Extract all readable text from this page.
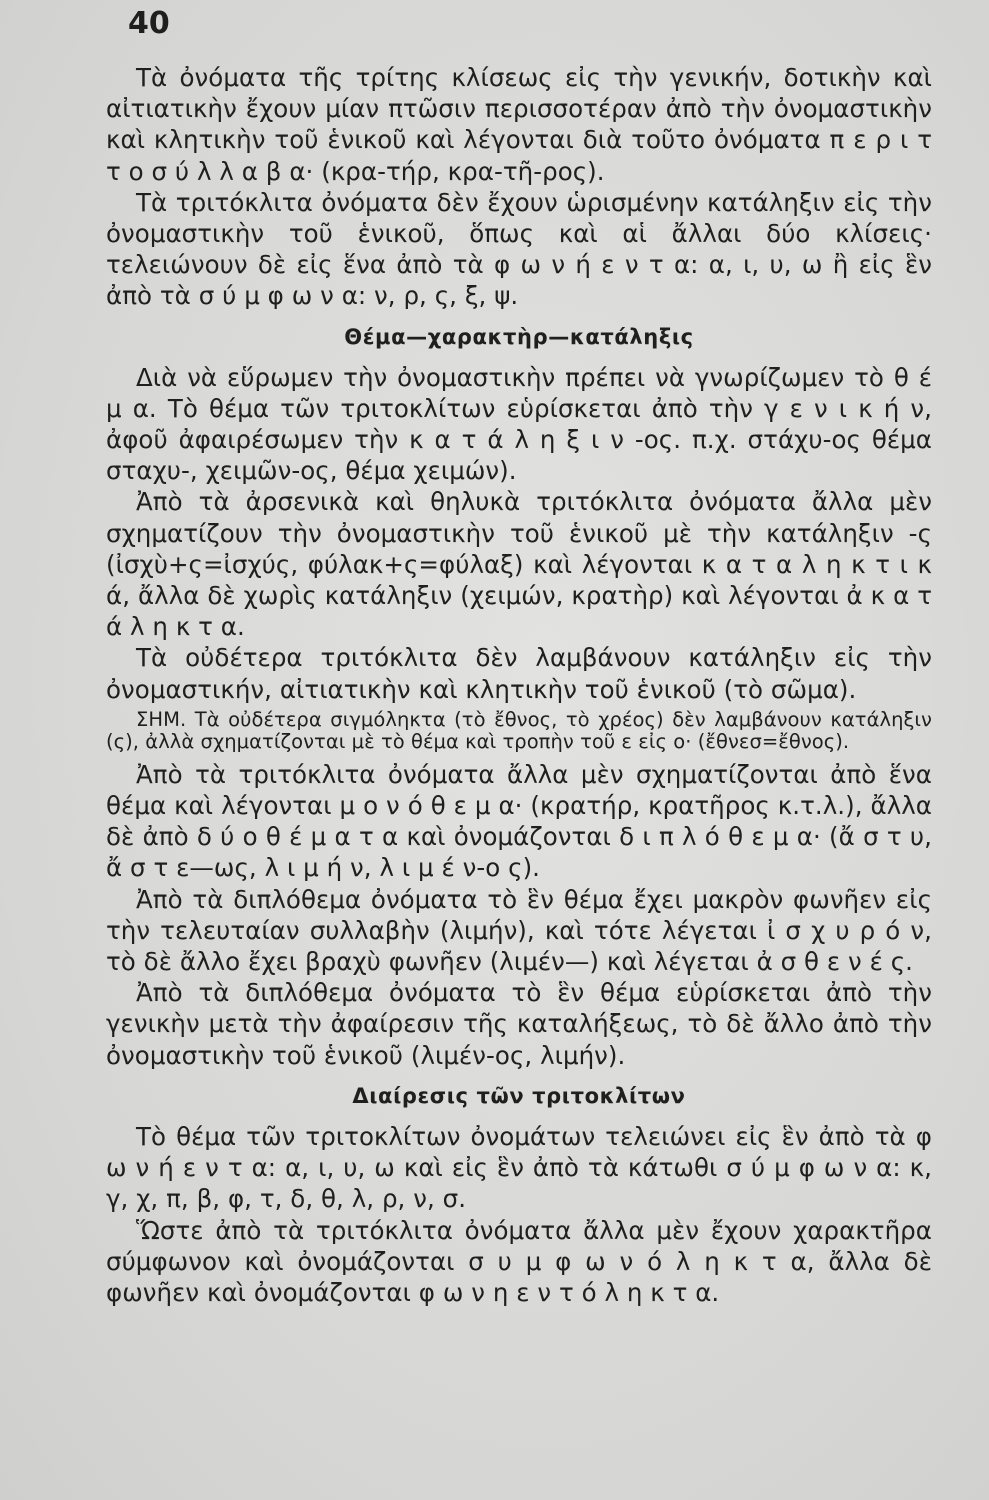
40

Τὰ ὀνόματα τῆς τρίτης κλίσεως εἰς τὴν γενικήν, δοτικὴν καὶ αἰτιατικὴν ἔχουν μίαν πτῶσιν περισσοτέραν ἀπὸ τὴν ὀνομαστικὴν καὶ κλητικὴν τοῦ ἑνικοῦ καὶ λέγονται διὰ τοῦτο ὀνόματα π ε ρ ι τ τ ο σ ύ λ λ α β α· (κρα-τήρ, κρα-τῆ-ρος).

Τὰ τριτόκλιτα ὀνόματα δὲν ἔχουν ὡρισμένην κατάληξιν εἰς τὴν ὀνομαστικὴν τοῦ ἑνικοῦ, ὅπως καὶ αἱ ἄλλαι δύο κλίσεις· τελειώνουν δὲ εἰς ἕνα ἀπὸ τὰ φ ω ν ή ε ν τ α: α, ι, υ, ω ἢ εἰς ἓν ἀπὸ τὰ σ ύ μ φ ω ν α: ν, ρ, ς, ξ, ψ.

Θέμα—χαρακτὴρ—κατάληξις

Διὰ νὰ εὕρωμεν τὴν ὀνομαστικὴν πρέπει νὰ γνωρίζωμεν τὸ θ έ μ α. Τὸ θέμα τῶν τριτοκλίτων εὑρίσκεται ἀπὸ τὴν γ ε ν ι κ ή ν, ἀφοῦ ἀφαιρέσωμεν τὴν κ α τ ά λ η ξ ι ν -ος. π.χ. στάχυ-ος θέμα σταχυ-, χειμῶν-ος, θέμα χειμών).

Ἀπὸ τὰ ἀρσενικὰ καὶ θηλυκὰ τριτόκλιτα ὀνόματα ἄλλα μὲν σχηματίζουν τὴν ὀνομαστικὴν τοῦ ἑνικοῦ μὲ τὴν κατάληξιν -ς (ἰσχὺ+ς=ἰσχύς, φύλακ+ς=φύλαξ) καὶ λέγονται κ α τ α λ η κ τ ι κ ά, ἄλλα δὲ χωρὶς κατάληξιν (χειμών, κρατὴρ) καὶ λέγονται ἀ κ α τ ά λ η κ τ α.

Τὰ οὐδέτερα τριτόκλιτα δὲν λαμβάνουν κατάληξιν εἰς τὴν ὀνομαστικήν, αἰτιατικὴν καὶ κλητικὴν τοῦ ἑνικοῦ (τὸ σῶμα).

ΣΗΜ. Τὰ οὐδέτερα σιγμόληκτα (τὸ ἔθνος, τὸ χρέος) δὲν λαμβάνουν κατάληξιν (ς), ἀλλὰ σχηματίζονται μὲ τὸ θέμα καὶ τροπὴν τοῦ ε εἰς ο· (ἔθνεσ=ἔθνος).

Ἀπὸ τὰ τριτόκλιτα ὀνόματα ἄλλα μὲν σχηματίζονται ἀπὸ ἕνα θέμα καὶ λέγονται μ ο ν ό θ ε μ α· (κρατήρ, κρατῆρος κ.τ.λ.), ἄλλα δὲ ἀπὸ δ ύ ο θ έ μ α τ α καὶ ὀνομάζονται δ ι π λ ό θ ε μ α· (ἄ σ τ υ, ἄ σ τ ε—ως, λ ι μ ή ν, λ ι μ έ ν-ο ς).

Ἀπὸ τὰ διπλόθεμα ὀνόματα τὸ ἓν θέμα ἔχει μακρὸν φωνῆεν εἰς τὴν τελευταίαν συλλαβὴν (λιμήν), καὶ τότε λέγεται ἰ σ χ υ ρ ό ν, τὸ δὲ ἄλλο ἔχει βραχὺ φωνῆεν (λιμέν—) καὶ λέγεται ἀ σ θ ε ν έ ς.

Ἀπὸ τὰ διπλόθεμα ὀνόματα τὸ ἓν θέμα εὑρίσκεται ἀπὸ τὴν γενικὴν μετὰ τὴν ἀφαίρεσιν τῆς καταλήξεως, τὸ δὲ ἄλλο ἀπὸ τὴν ὀνομαστικὴν τοῦ ἑνικοῦ (λιμέν-ος, λιμήν).

Διαίρεσις τῶν τριτοκλίτων

Τὸ θέμα τῶν τριτοκλίτων ὀνομάτων τελειώνει εἰς ἓν ἀπὸ τὰ φ ω ν ή ε ν τ α: α, ι, υ, ω καὶ εἰς ἓν ἀπὸ τὰ κάτωθι σ ύ μ φ ω ν α: κ, γ, χ, π, β, φ, τ, δ, θ, λ, ρ, ν, σ.

Ὥστε ἀπὸ τὰ τριτόκλιτα ὀνόματα ἄλλα μὲν ἔχουν χαρακτῆρα σύμφωνον καὶ ὀνομάζονται σ υ μ φ ω ν ό λ η κ τ α, ἄλλα δὲ φωνῆεν καὶ ὀνομάζονται φ ω ν η ε ν τ ό λ η κ τ α.
